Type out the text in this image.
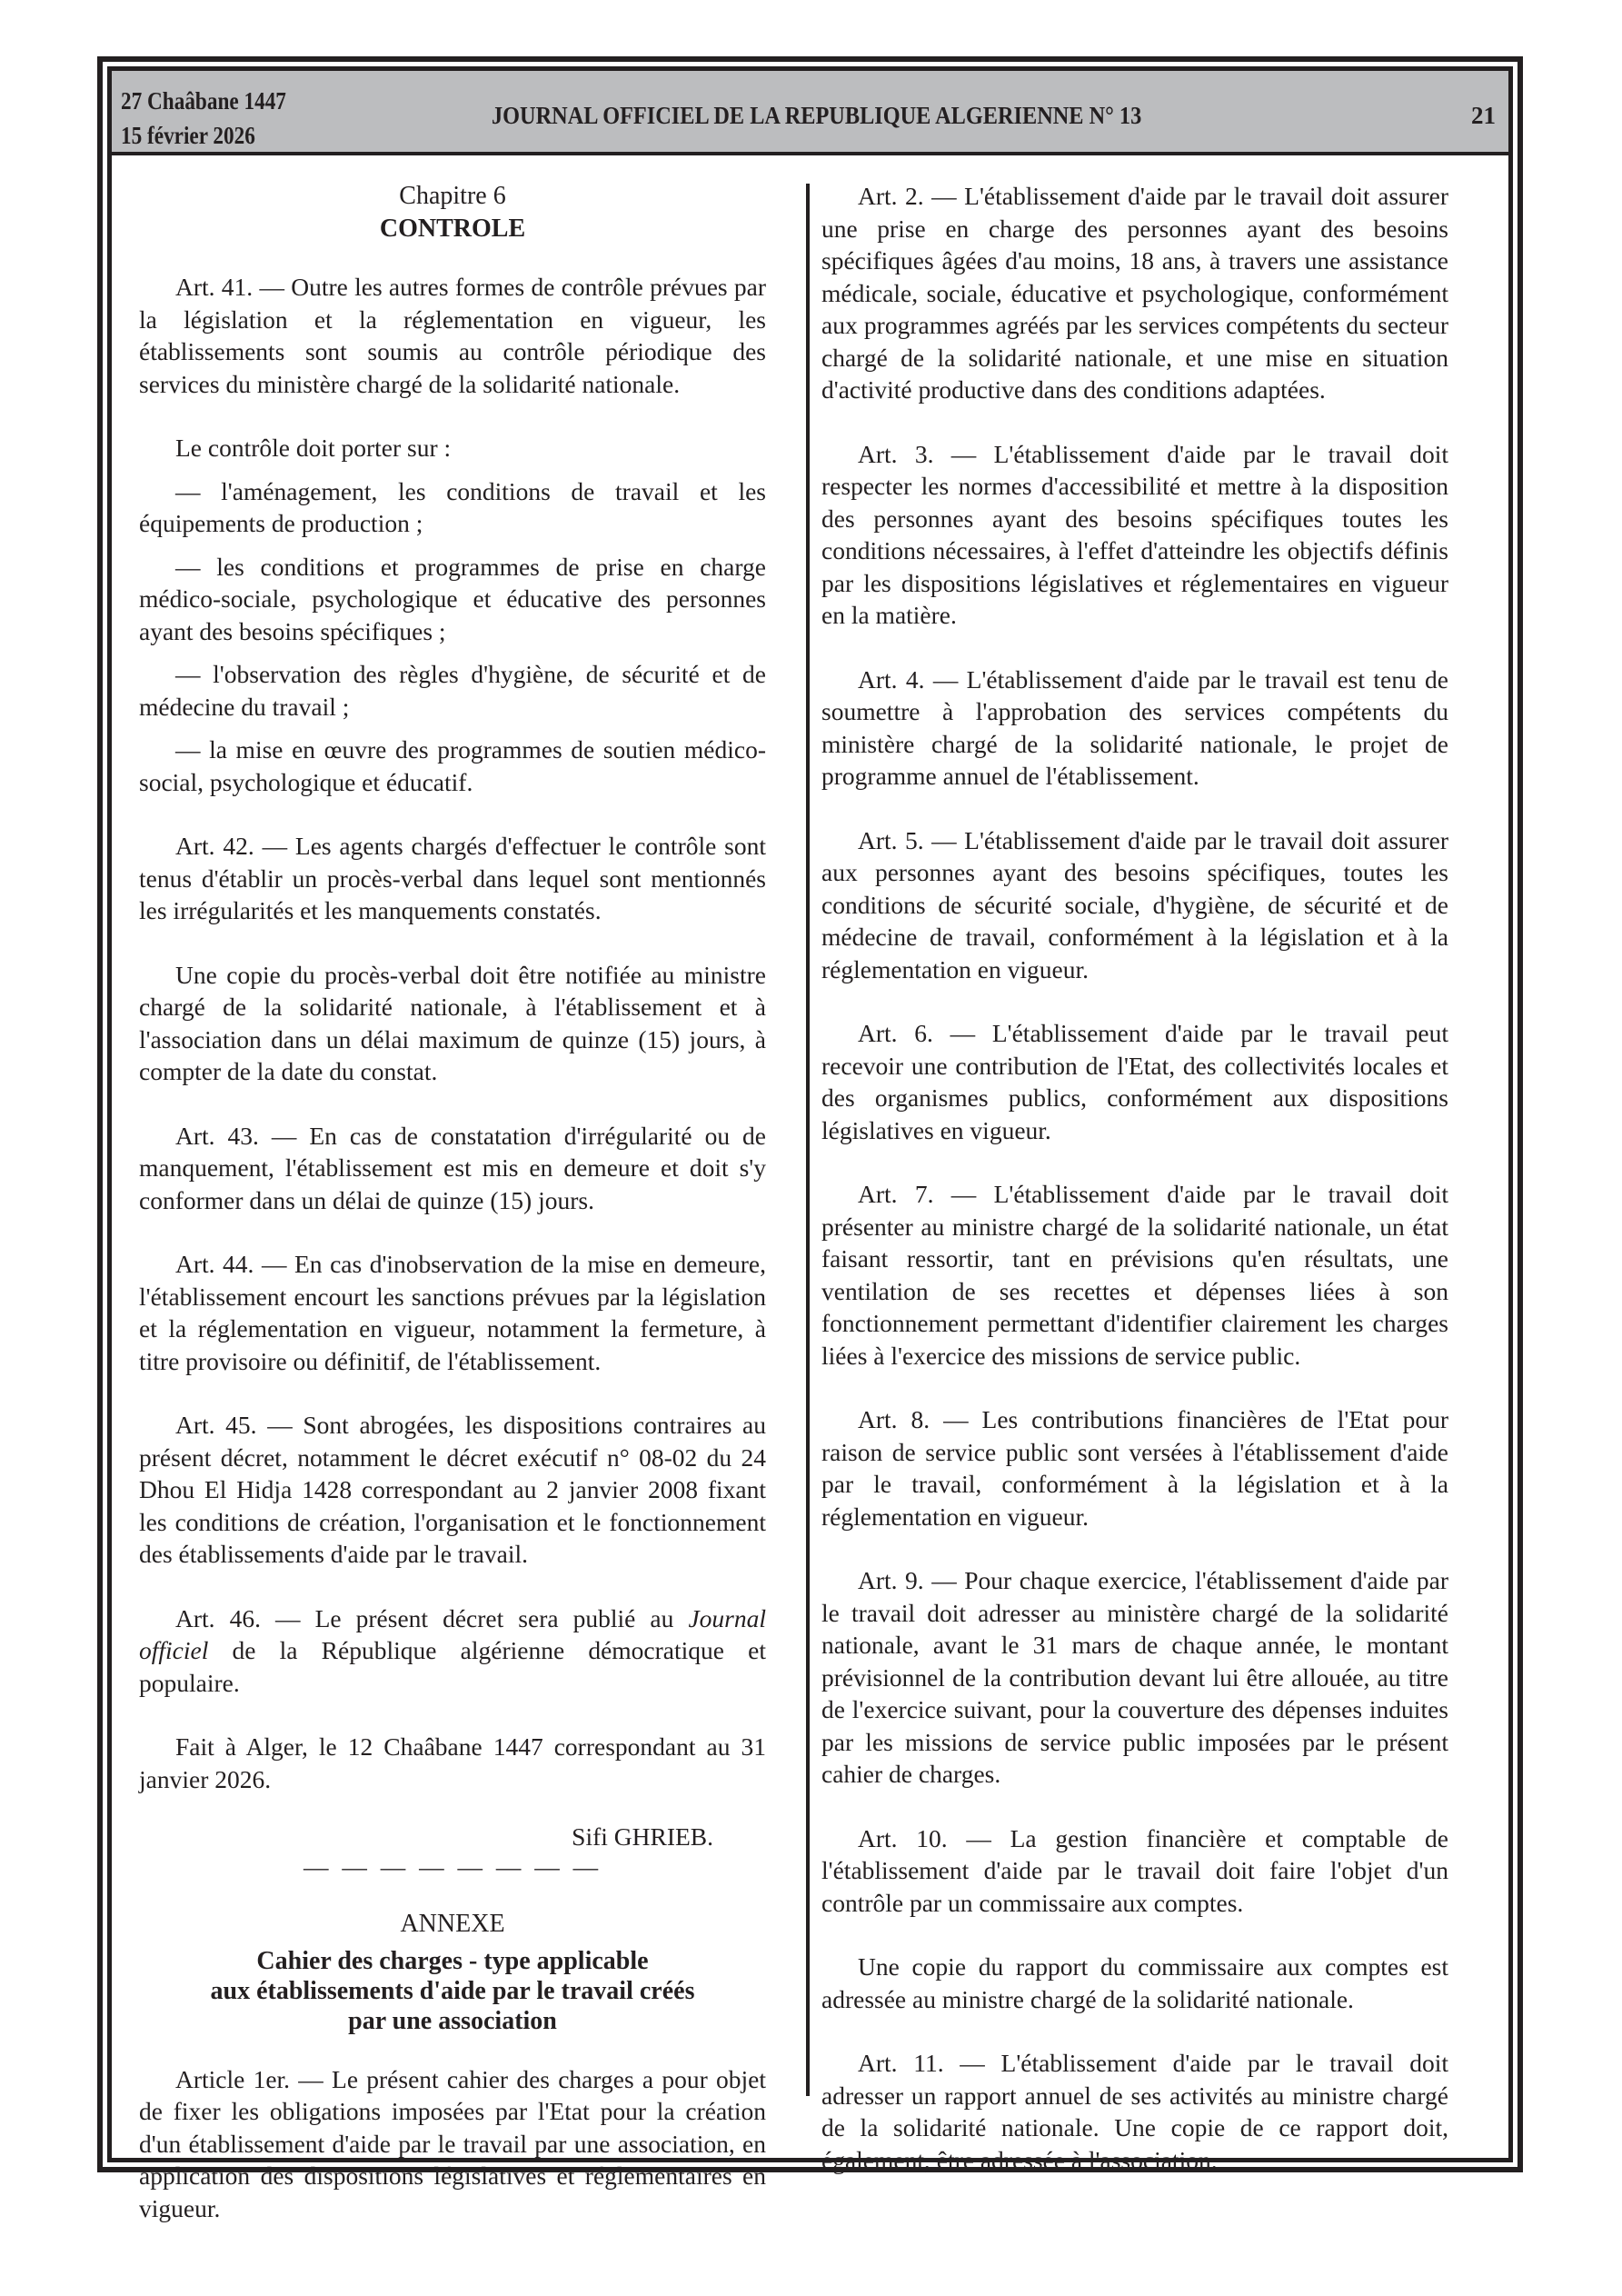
27 Chaâbane 1447
15 février 2026
JOURNAL OFFICIEL DE LA REPUBLIQUE ALGERIENNE N° 13	21
Chapitre 6
CONTROLE

Art. 41. — Outre les autres formes de contrôle prévues par la législation et la réglementation en vigueur, les établissements sont soumis au contrôle périodique des services du ministère chargé de la solidarité nationale.

Le contrôle doit porter sur :

— l'aménagement, les conditions de travail et les équipements de production ;

— les conditions et programmes de prise en charge médico-sociale, psychologique et éducative des personnes ayant des besoins spécifiques ;

— l'observation des règles d'hygiène, de sécurité et de médecine du travail ;

— la mise en œuvre des programmes de soutien médico-social, psychologique et éducatif.

Art. 42. — Les agents chargés d'effectuer le contrôle sont tenus d'établir un procès-verbal dans lequel sont mentionnés les irrégularités et les manquements constatés.

Une copie du procès-verbal doit être notifiée au ministre chargé de la solidarité nationale, à l'établissement et à l'association dans un délai maximum de quinze (15) jours, à compter de la date du constat.

Art. 43. — En cas de constatation d'irrégularité ou de manquement, l'établissement est mis en demeure et doit s'y conformer dans un délai de quinze (15) jours.

Art. 44. — En cas d'inobservation de la mise en demeure, l'établissement encourt les sanctions prévues par la législation et la réglementation en vigueur, notamment la fermeture, à titre provisoire ou définitif, de l'établissement.

Art. 45. — Sont abrogées, les dispositions contraires au présent décret, notamment le décret exécutif n° 08-02 du 24 Dhou El Hidja 1428 correspondant au 2 janvier 2008 fixant les conditions de création, l'organisation et le fonctionnement des établissements d'aide par le travail.

Art. 46. — Le présent décret sera publié au Journal officiel de la République algérienne démocratique et populaire.

Fait à Alger, le 12 Chaâbane 1447 correspondant au 31 janvier 2026.

Sifi GHRIEB.

— — — — — — — —
ANNEXE
Cahier des charges - type applicable
aux établissements d'aide par le travail créés
par une association

Article 1er. — Le présent cahier des charges a pour objet de fixer les obligations imposées par l'Etat pour la création d'un établissement d'aide par le travail par une association, en application des dispositions législatives et réglementaires en vigueur.

Art. 2. — L'établissement d'aide par le travail doit assurer une prise en charge des personnes ayant des besoins spécifiques âgées d'au moins, 18 ans, à travers une assistance médicale, sociale, éducative et psychologique, conformément aux programmes agréés par les services compétents du secteur chargé de la solidarité nationale, et une mise en situation d'activité productive dans des conditions adaptées.

Art. 3. — L'établissement d'aide par le travail doit respecter les normes d'accessibilité et mettre à la disposition des personnes ayant des besoins spécifiques toutes les conditions nécessaires, à l'effet d'atteindre les objectifs définis par les dispositions législatives et réglementaires en vigueur en la matière.

Art. 4. — L'établissement d'aide par le travail est tenu de soumettre à l'approbation des services compétents du ministère chargé de la solidarité nationale, le projet de programme annuel de l'établissement.

Art. 5. — L'établissement d'aide par le travail doit assurer aux personnes ayant des besoins spécifiques, toutes les conditions de sécurité sociale, d'hygiène, de sécurité et de médecine de travail, conformément à la législation et à la réglementation en vigueur.

Art. 6. — L'établissement d'aide par le travail peut recevoir une contribution de l'Etat, des collectivités locales et des organismes publics, conformément aux dispositions législatives en vigueur.

Art. 7. — L'établissement d'aide par le travail doit présenter au ministre chargé de la solidarité nationale, un état faisant ressortir, tant en prévisions qu'en résultats, une ventilation de ses recettes et dépenses liées à son fonctionnement permettant d'identifier clairement les charges liées à l'exercice des missions de service public.

Art. 8. — Les contributions financières de l'Etat pour raison de service public sont versées à l'établissement d'aide par le travail, conformément à la législation et à la réglementation en vigueur.

Art. 9. — Pour chaque exercice, l'établissement d'aide par le travail doit adresser au ministère chargé de la solidarité nationale, avant le 31 mars de chaque année, le montant prévisionnel de la contribution devant lui être allouée, au titre de l'exercice suivant, pour la couverture des dépenses induites par les missions de service public imposées par le présent cahier de charges.

Art. 10. — La gestion financière et comptable de l'établissement d'aide par le travail doit faire l'objet d'un contrôle par un commissaire aux comptes.

Une copie du rapport du commissaire aux comptes est adressée au ministre chargé de la solidarité nationale.

Art. 11. — L'établissement d'aide par le travail doit adresser un rapport annuel de ses activités au ministre chargé de la solidarité nationale. Une copie de ce rapport doit, également, être adressée à l'association.
